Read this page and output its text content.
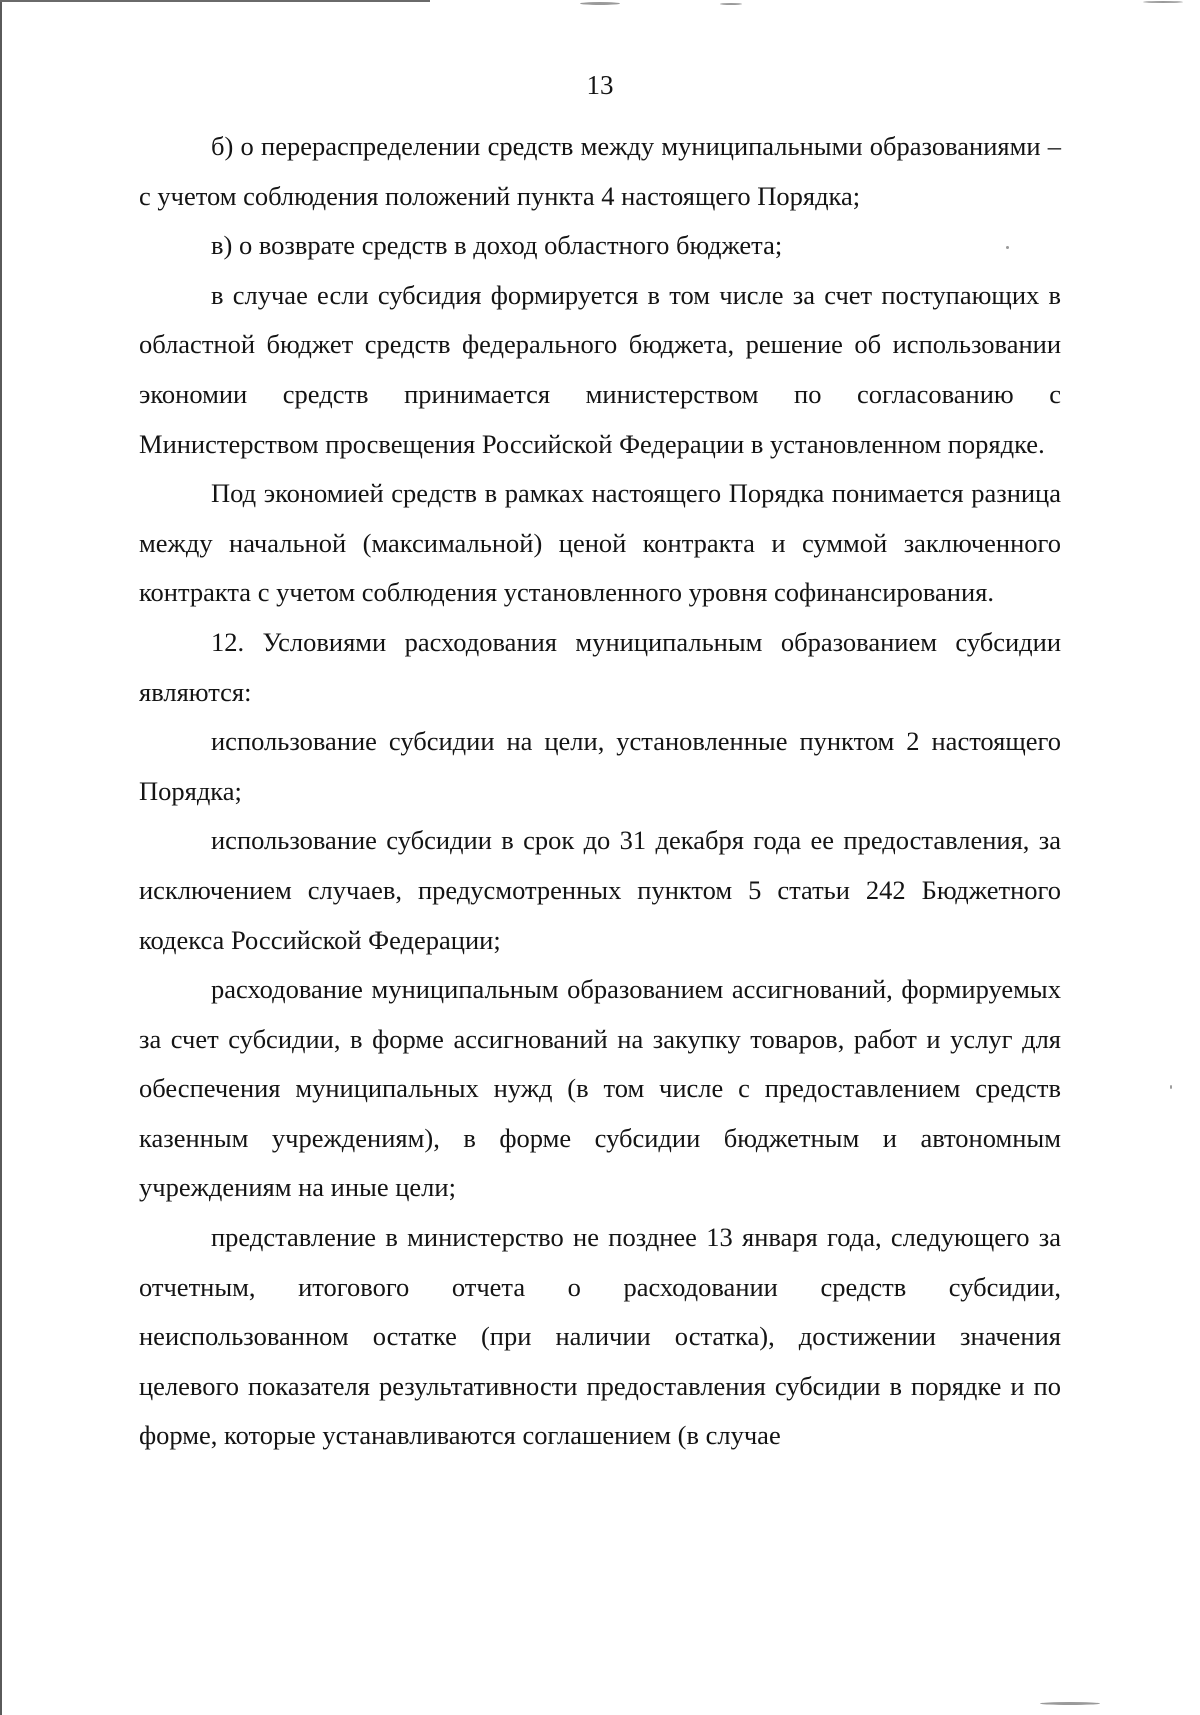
13

б) о перераспределении средств между муниципальными образованиями – с учетом соблюдения положений пункта 4 настоящего Порядка;

в) о возврате средств в доход областного бюджета;

в случае если субсидия формируется в том числе за счет поступающих в областной бюджет средств федерального бюджета, решение об использовании экономии средств принимается министерством по согласованию с Министерством просвещения Российской Федерации в установленном порядке.

Под экономией средств в рамках настоящего Порядка понимается разница между начальной (максимальной) ценой контракта и суммой заключенного контракта с учетом соблюдения установленного уровня софинансирования.

12. Условиями расходования муниципальным образованием субсидии являются:

использование субсидии на цели, установленные пунктом 2 настоящего Порядка;

использование субсидии в срок до 31 декабря года ее предоставления, за исключением случаев, предусмотренных пунктом 5 статьи 242 Бюджетного кодекса Российской Федерации;

расходование муниципальным образованием ассигнований, формируемых за счет субсидии, в форме ассигнований на закупку товаров, работ и услуг для обеспечения муниципальных нужд (в том числе с предоставлением средств казенным учреждениям), в форме субсидии бюджетным и автономным учреждениям на иные цели;

представление в министерство не позднее 13 января года, следующего за отчетным, итогового отчета о расходовании средств субсидии, неиспользованном остатке (при наличии остатка), достижении значения целевого показателя результативности предоставления субсидии в порядке и по форме, которые устанавливаются соглашением (в случае
